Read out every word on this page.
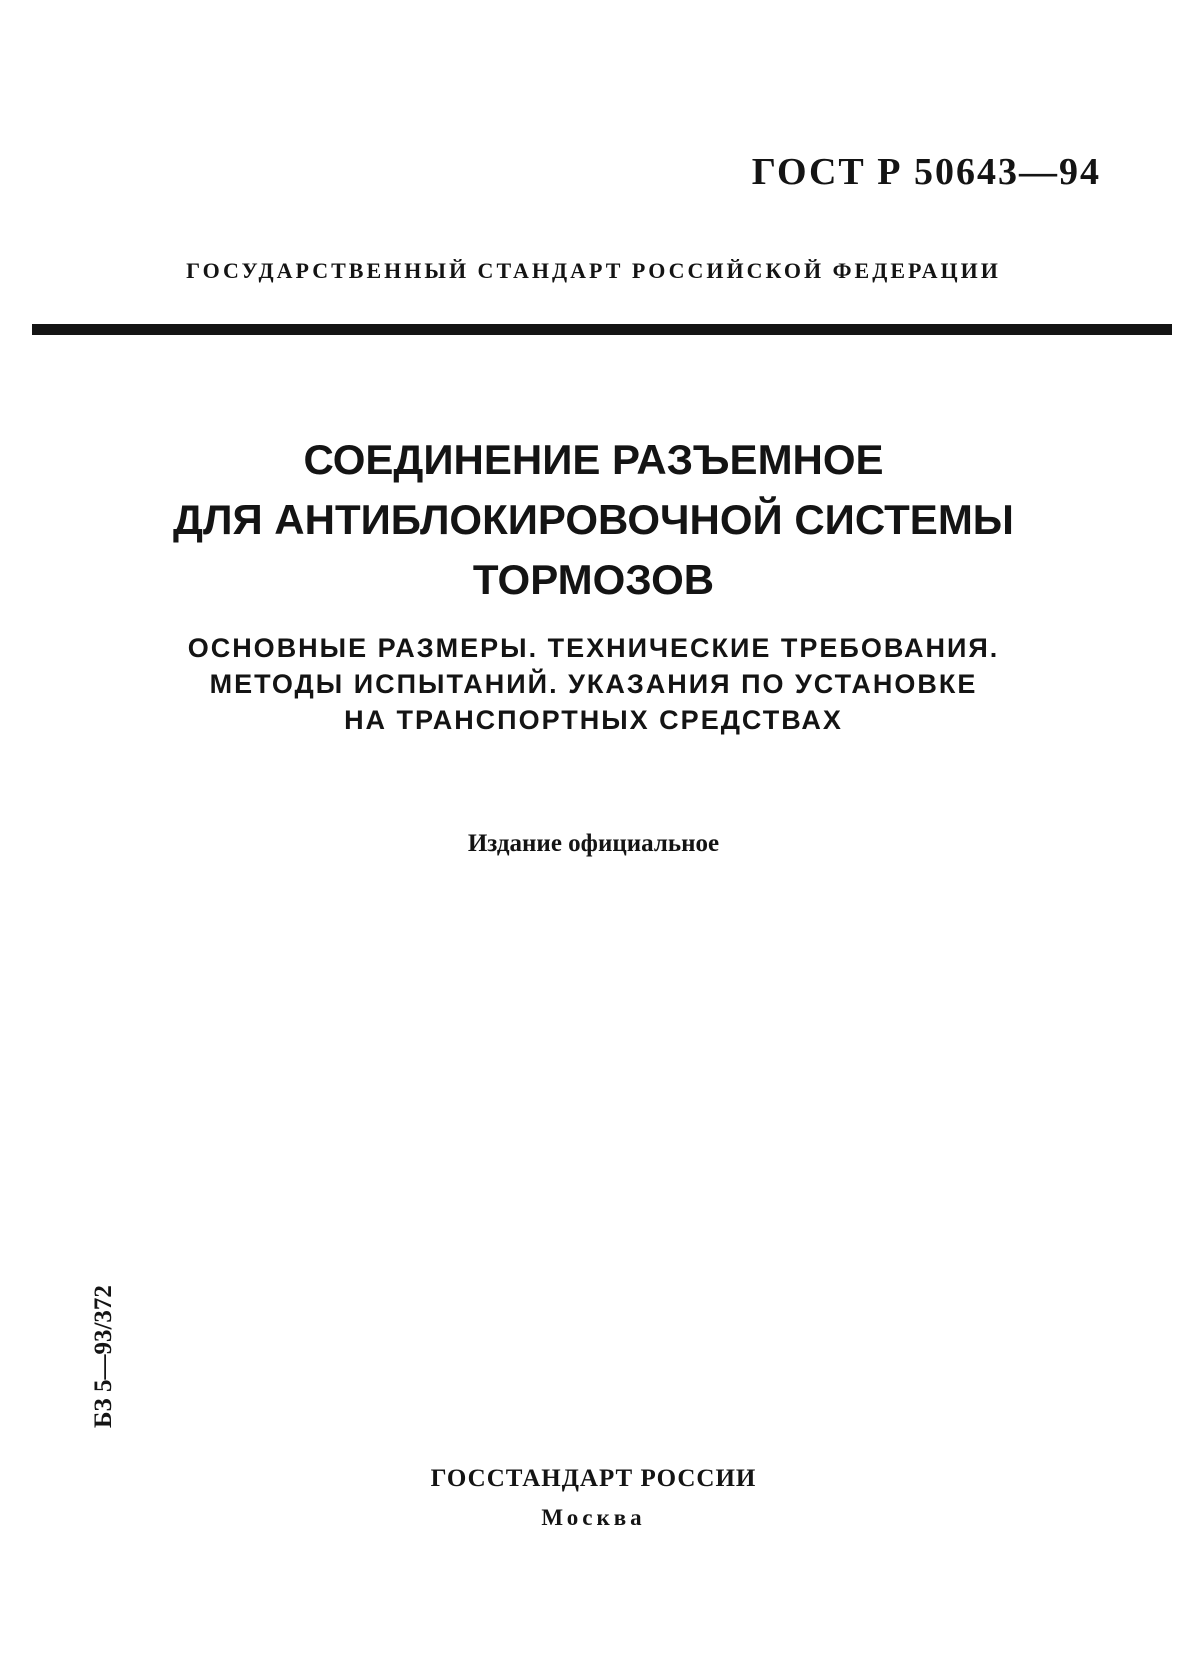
ГОСТ Р 50643—94
ГОСУДАРСТВЕННЫЙ СТАНДАРТ РОССИЙСКОЙ ФЕДЕРАЦИИ
СОЕДИНЕНИЕ РАЗЪЕМНОЕ
ДЛЯ АНТИБЛОКИРОВОЧНОЙ СИСТЕМЫ
ТОРМОЗОВ
ОСНОВНЫЕ РАЗМЕРЫ. ТЕХНИЧЕСКИЕ ТРЕБОВАНИЯ.
МЕТОДЫ ИСПЫТАНИЙ. УКАЗАНИЯ ПО УСТАНОВКЕ
НА ТРАНСПОРТНЫХ СРЕДСТВАХ
Издание официальное
БЗ 5—93/372
ГОССТАНДАРТ РОССИИ
Москва
